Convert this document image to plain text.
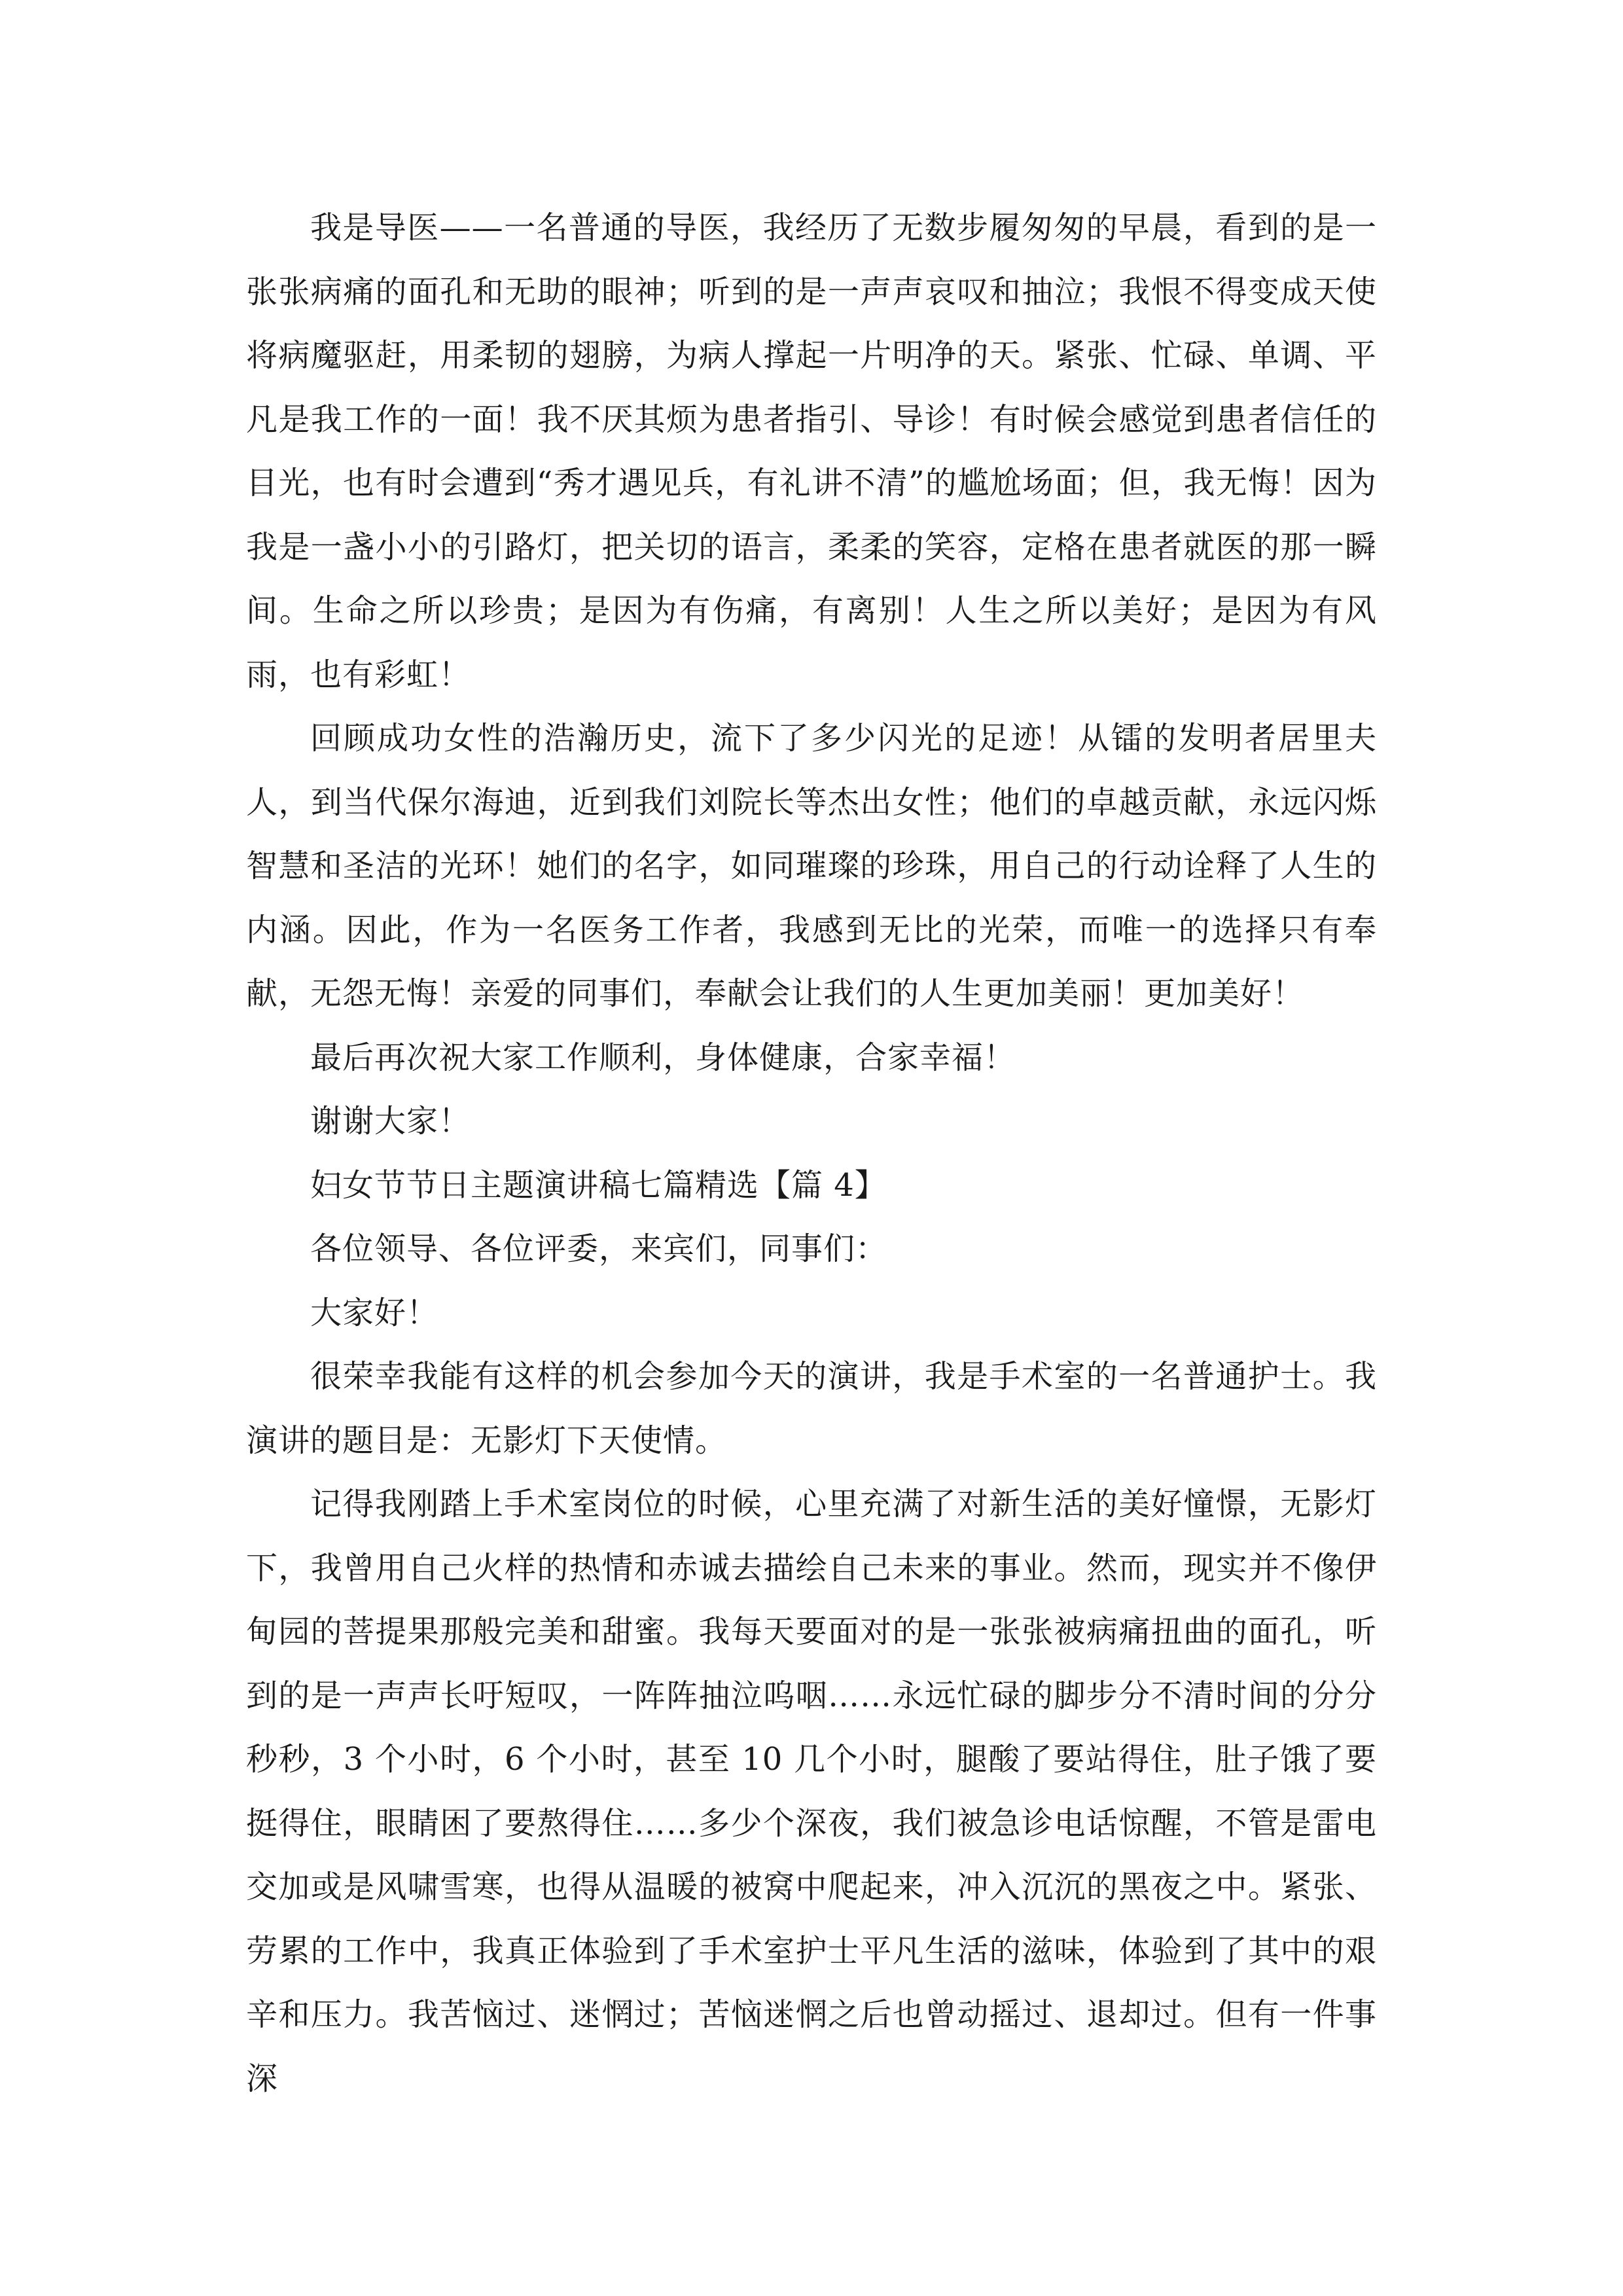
我是导医——一名普通的导医，我经历了无数步履匆匆的早晨，看到的是一张张病痛的面孔和无助的眼神；听到的是一声声哀叹和抽泣；我恨不得变成天使将病魔驱赶，用柔韧的翅膀，为病人撑起一片明净的天。紧张、忙碌、单调、平凡是我工作的一面！我不厌其烦为患者指引、导诊！有时候会感觉到患者信任的目光，也有时会遭到“秀才遇见兵，有礼讲不清”的尴尬场面；但，我无悔！因为我是一盏小小的引路灯，把关切的语言，柔柔的笑容，定格在患者就医的那一瞬间。生命之所以珍贵；是因为有伤痛，有离别！人生之所以美好；是因为有风雨，也有彩虹！

回顾成功女性的浩瀚历史，流下了多少闪光的足迹！从镭的发明者居里夫人，到当代保尔海迪，近到我们刘院长等杰出女性；他们的卓越贡献，永远闪烁智慧和圣洁的光环！她们的名字，如同璀璨的珍珠，用自己的行动诠释了人生的内涵。因此，作为一名医务工作者，我感到无比的光荣，而唯一的选择只有奉献，无怨无悔！亲爱的同事们，奉献会让我们的人生更加美丽！更加美好！

最后再次祝大家工作顺利，身体健康，合家幸福！

谢谢大家！

妇女节节日主题演讲稿七篇精选【篇 4】

各位领导、各位评委，来宾们，同事们：

大家好！

很荣幸我能有这样的机会参加今天的演讲，我是手术室的一名普通护士。我演讲的题目是：无影灯下天使情。

记得我刚踏上手术室岗位的时候，心里充满了对新生活的美好憧憬，无影灯下，我曾用自己火样的热情和赤诚去描绘自己未来的事业。然而，现实并不像伊甸园的菩提果那般完美和甜蜜。我每天要面对的是一张张被病痛扭曲的面孔，听到的是一声声长吁短叹，一阵阵抽泣呜咽……永远忙碌的脚步分不清时间的分分秒秒，3 个小时，6 个小时，甚至 10 几个小时，腿酸了要站得住，肚子饿了要挺得住，眼睛困了要熬得住……多少个深夜，我们被急诊电话惊醒，不管是雷电交加或是风啸雪寒，也得从温暖的被窝中爬起来，冲入沉沉的黑夜之中。紧张、劳累的工作中，我真正体验到了手术室护士平凡生活的滋味，体验到了其中的艰辛和压力。我苦恼过、迷惘过；苦恼迷惘之后也曾动摇过、退却过。但有一件事深
